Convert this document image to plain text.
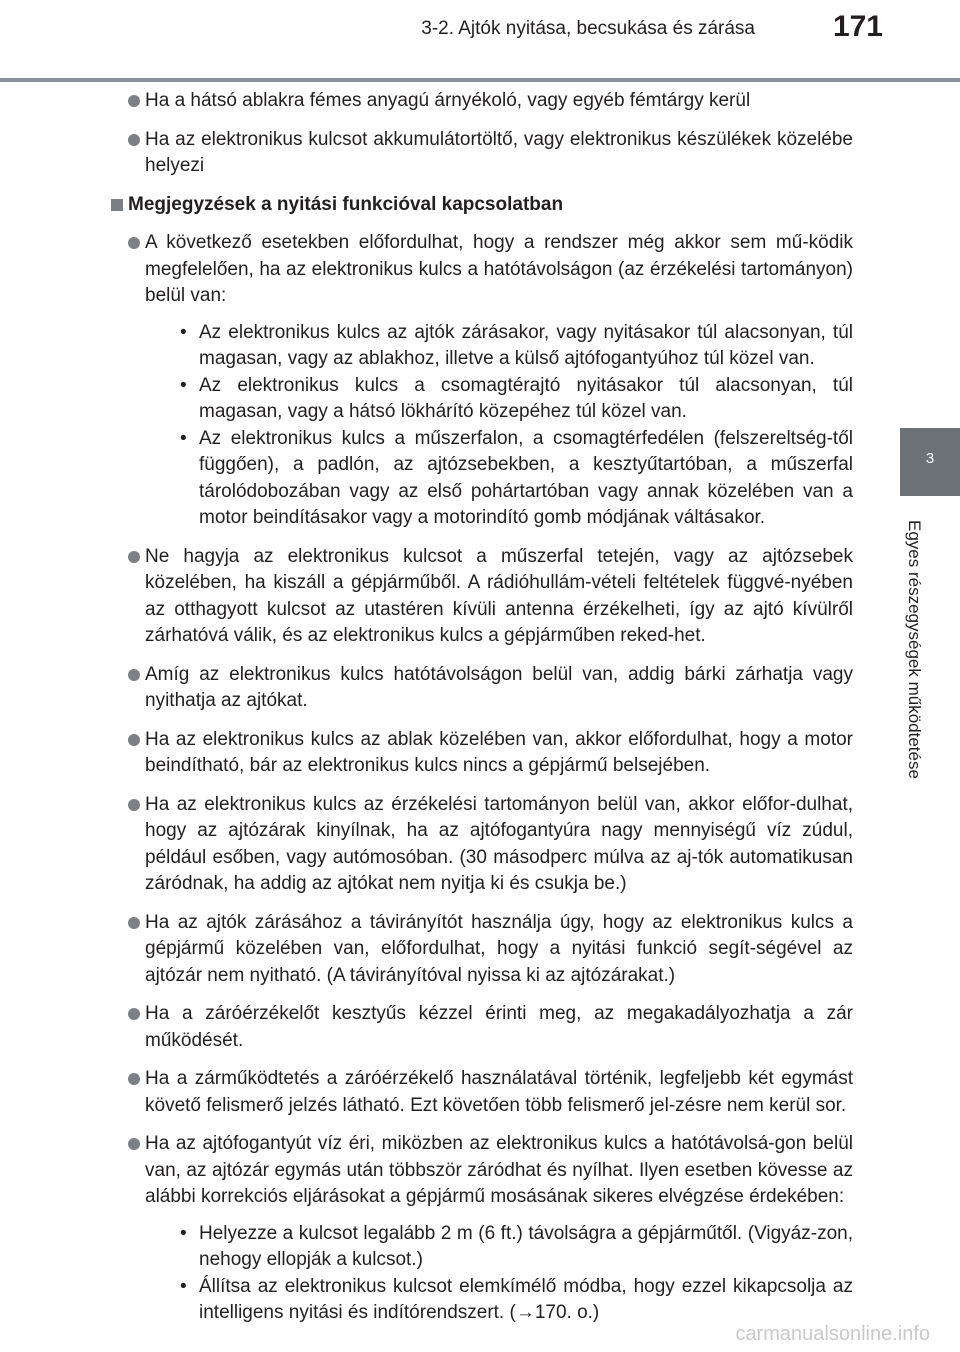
3-2. Ajtók nyitása, becsukása és zárása	171
3
Egyes részegységek működtetése
Ha a hátsó ablakra fémes anyagú árnyékoló, vagy egyéb fémtárgy kerül
Ha az elektronikus kulcsot akkumulátortöltő, vagy elektronikus készülékek közelébe helyezi
Megjegyzések a nyitási funkcióval kapcsolatban
A következő esetekben előfordulhat, hogy a rendszer még akkor sem mű-ködik megfelelően, ha az elektronikus kulcs a hatótávolságon (az érzékelési tartományon) belül van:
• Az elektronikus kulcs az ajtók zárásakor, vagy nyitásakor túl alacsonyan, túl magasan, vagy az ablakhoz, illetve a külső ajtófogantyúhoz túl közel van.
• Az elektronikus kulcs a csomagtérajtó nyitásakor túl alacsonyan, túl magasan, vagy a hátsó lökhárító közepéhez túl közel van.
• Az elektronikus kulcs a műszerfalon, a csomagtérfedélen (felszereltség-től függően), a padlón, az ajtózsebekben, a kesztyűtartóban, a műszerfal tárolódobozában vagy az első pohártartóban vagy annak közelében van a motor beindításakor vagy a motorindító gomb módjának váltásakor.
Ne hagyja az elektronikus kulcsot a műszerfal tetején, vagy az ajtózsebek közelében, ha kiszáll a gépjárműből. A rádióhullám-vételi feltételek függvé-nyében az otthagyott kulcsot az utastéren kívüli antenna érzékelheti, így az ajtó kívülről zárhatóvá válik, és az elektronikus kulcs a gépjárműben reked-het.
Amíg az elektronikus kulcs hatótávolságon belül van, addig bárki zárhatja vagy nyithatja az ajtókat.
Ha az elektronikus kulcs az ablak közelében van, akkor előfordulhat, hogy a motor beindítható, bár az elektronikus kulcs nincs a gépjármű belsejében.
Ha az elektronikus kulcs az érzékelési tartományon belül van, akkor előfor-dulhat, hogy az ajtózárak kinyílnak, ha az ajtófogantyúra nagy mennyiségű víz zúdul, például esőben, vagy autómosóban. (30 másodperc múlva az aj-tók automatikusan záródnak, ha addig az ajtókat nem nyitja ki és csukja be.)
Ha az ajtók zárásához a távirányítót használja úgy, hogy az elektronikus kulcs a gépjármű közelében van, előfordulhat, hogy a nyitási funkció segít-ségével az ajtózár nem nyitható. (A távirányítóval nyissa ki az ajtózárakat.)
Ha a záróérzékelőt kesztyűs kézzel érinti meg, az megakadályozhatja a zár működését.
Ha a zárműködtetés a záróérzékelő használatával történik, legfeljebb két egymást követő felismerő jelzés látható. Ezt követően több felismerő jel-zésre nem kerül sor.
Ha az ajtófogantyút víz éri, miközben az elektronikus kulcs a hatótávolsá-gon belül van, az ajtózár egymás után többször záródhat és nyílhat. Ilyen esetben kövesse az alábbi korrekciós eljárásokat a gépjármű mosásának sikeres elvégzése érdekében:
• Helyezze a kulcsot legalább 2 m (6 ft.) távolságra a gépjárműtől. (Vigyáz-zon, nehogy ellopják a kulcsot.)
• Állítsa az elektronikus kulcsot elemkímélő módba, hogy ezzel kikapcsolja az intelligens nyitási és indítórendszert. (→170. o.)
carmanualsonline.info
